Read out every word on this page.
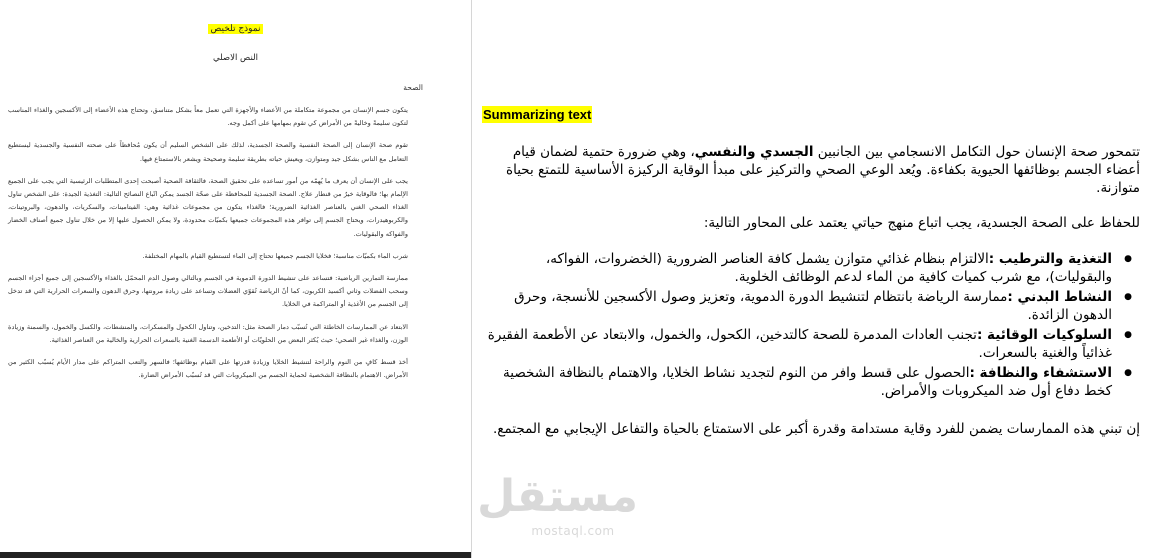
نموذج تلخيص
النص الاصلي
الصحة

يتكون جسم الإنسان من مجموعة متكاملة من الأعضاء والأجهزة التي تعمل معاً بشكل متناسق، وتحتاج هذه الأعضاء إلى الأكسجين والغذاء المناسب لتكون سليمةً وخاليةً من الأمراض كي تقوم بمهامها على أكمل وجه.

تقوم صحة الإنسان إلى الصحة النفسية والصحة الجسدية، لذلك على الشخص السليم أن يكون مُحافظاً على صحته النفسية والجسدية ليستطيع التعامل مع الناس بشكل جيد ومتوازن، ويعيش حياته بطريقة سليمة وصحيحة ويشعر بالاستمتاع فيها.

يجب على الإنسان أن يعرف ما يُهمّه من أمور تساعده على تحقيق الصحة، فالثقافة الصحية أصبحت إحدى المتطلبات الرئيسية التي يجب على الجميع الإلمام بها؛ فالوقاية خيرٌ من قنطار علاج. الصحة الجسدية للمحافظة على صحّة الجسد يمكن اتّباع النصائح التالية: التغذية الجيدة: على الشخص تناول الغذاء الصحي الغني بالعناصر الغذائية الضرورية؛ فالغذاء يتكون من مجموعات غذائية وهي: الفيتامينات، والسكريات، والدهون، والبروتينات، والكربوهيدرات، ويحتاج الجسم إلى توافر هذه المجموعات جميعها بكميّات محدودة، ولا يمكن الحصول عليها إلا من خلال تناول جميع أصناف الخضار والفواكه والبقوليات.

شرب الماء بكميّات مناسبة؛ فخلايا الجسم جميعها تحتاج إلى الماء لتستطيع القيام بالمهام المختلفة.

ممارسة التمارين الرياضية: فتساعد على تنشيط الدورة الدموية في الجسم وبالتالي وصول الدم المحمّل بالغذاء والأكسجين إلى جميع أجزاء الجسم وسحب الفضلات وثاني أكسيد الكربون، كما أنّ الرياضة تُقوّي العضلات وتساعد على زيادة مرونتها، وحرق الدهون والسعرات الحرارية التي قد تدخل إلى الجسم من الأغذية أو المتراكمة في الخلايا.

الابتعاد عن الممارسات الخاطئة التي تُسبّب دمار الصحة مثل: التدخين، وتناول الكحول والمسكرات، والمنشطات، والكسل والخمول، والسمنة وزيادة الوزن، والغذاء غير الصحي؛ حيث يُكثر البعض من الحلويّات أو الأطعمة الدسمة الغنية بالسعرات الحرارية والخالية من العناصر الغذائية.

أخذ قسط كافٍ من النوم والراحة لتنشيط الخلايا وزيادة قدرتها على القيام بوظائفها؛ فالسهر والتعب المتراكم على مدار الأيام يُسبّب الكثير من الأمراض. الاهتمام بالنظافة الشخصية لحماية الجسم من الميكروبات التي قد تُسبّب الأمراض الضارة.

Summarizing text

تتمحور صحة الإنسان حول التكامل الانسجامي بين الجانبين الجسدي والنفسي، وهي ضرورة حتمية لضمان قيام أعضاء الجسم بوظائفها الحيوية بكفاءة. ويُعد الوعي الصحي والتركيز على مبدأ الوقاية الركيزة الأساسية للتمتع بحياة متوازنة.

للحفاظ على الصحة الجسدية، يجب اتباع منهج حياتي يعتمد على المحاور التالية:

● التغذية والترطيب :الالتزام بنظام غذائي متوازن يشمل كافة العناصر الضرورية (الخضروات، الفواكه، والبقوليات)، مع شرب كميات كافية من الماء لدعم الوظائف الخلوية.
● النشاط البدني :ممارسة الرياضة بانتظام لتنشيط الدورة الدموية، وتعزيز وصول الأكسجين للأنسجة، وحرق الدهون الزائدة.
● السلوكيات الوقائية :تجنب العادات المدمرة للصحة كالتدخين، الكحول، والخمول، والابتعاد عن الأطعمة الفقيرة غذائياً والغنية بالسعرات.
● الاستشفاء والنظافة :الحصول على قسط وافر من النوم لتجديد نشاط الخلايا، والاهتمام بالنظافة الشخصية كخط دفاع أول ضد الميكروبات والأمراض.

إن تبني هذه الممارسات يضمن للفرد وقاية مستدامة وقدرة أكبر على الاستمتاع بالحياة والتفاعل الإيجابي مع المجتمع.

مستقل
mostaql.com
